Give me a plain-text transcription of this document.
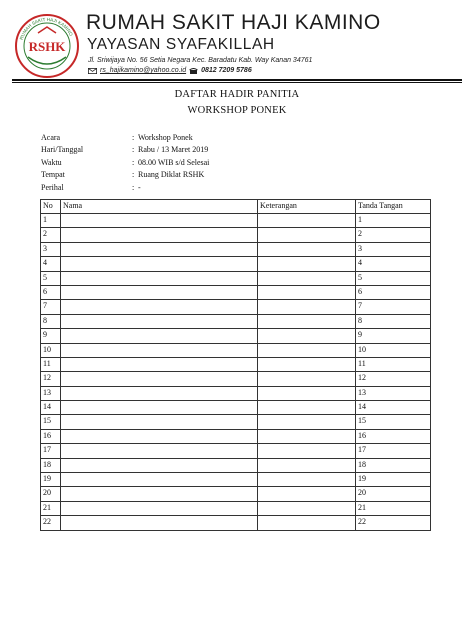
RUMAH SAKIT HAJI KAMINO
RSHK
RUMAH SAKIT HAJI KAMINO
YAYASAN SYAFAKILLAH
Jl. Sriwijaya No. 56 Setia Negara Kec. Baradatu Kab. Way Kanan 34761
rs_hajikamino@yahoo.co.id 0812 7209 5786
DAFTAR HADIR PANITIA
WORKSHOP PONEK
Acara	: Workshop Ponek
Hari/Tanggal	: Rabu / 13 Maret 2019
Waktu	: 08.00 WIB s/d Selesai
Tempat	: Ruang Diklat RSHK
Perihal	: -
No	Nama	Keterangan	Tanda Tangan
1			1
2			2
3			3
4			4
5			5
6			6
7			7
8			8
9			9
10			10
11			11
12			12
13			13
14			14
15			15
16			16
17			17
18			18
19			19
20			20
21			21
22			22
